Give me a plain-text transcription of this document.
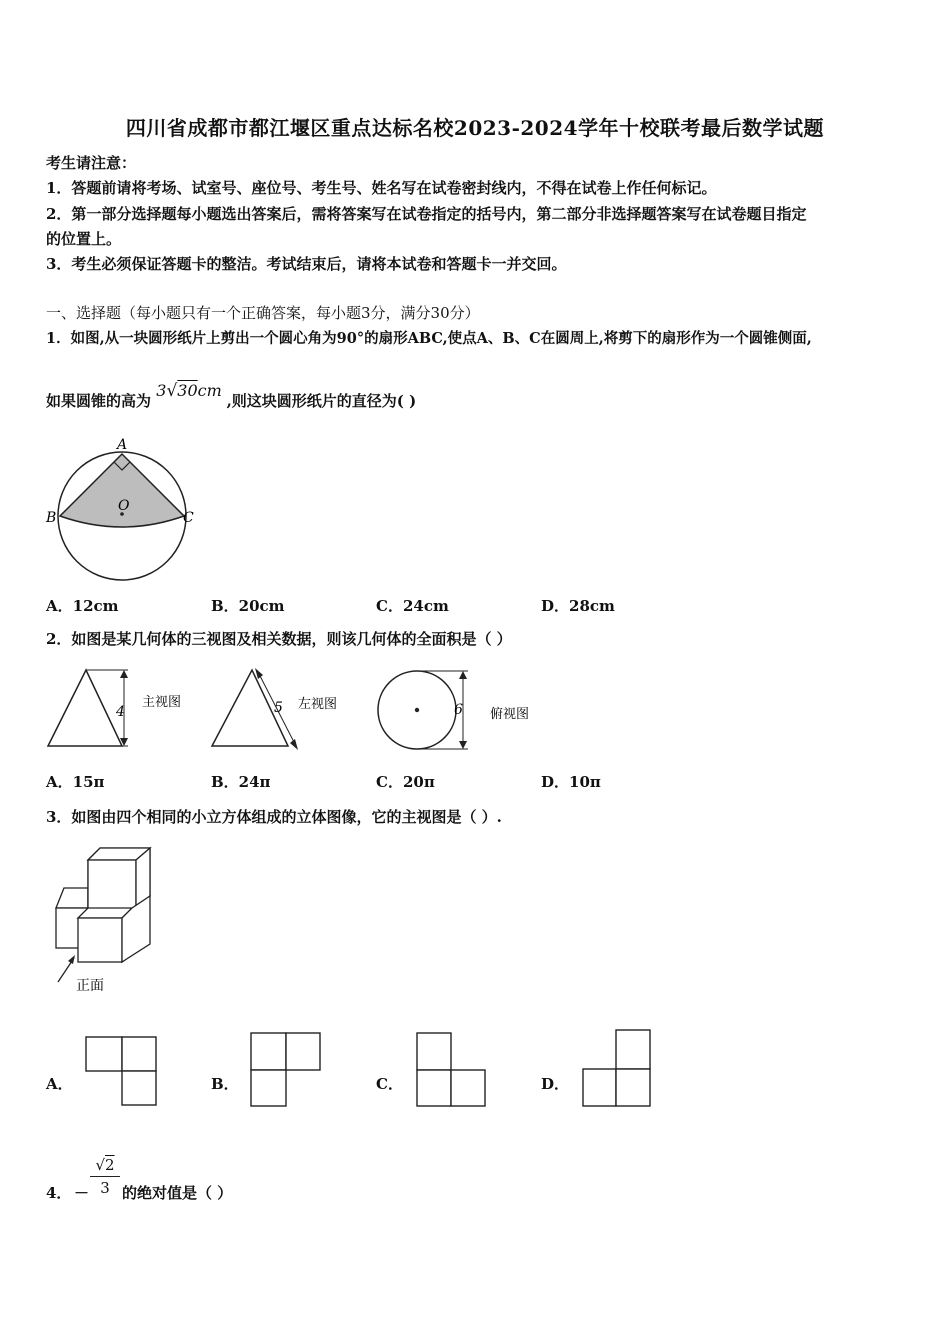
四川省成都市都江堰区重点达标名校2023-2024学年十校联考最后数学试题
考生请注意：
1．答题前请将考场、试室号、座位号、考生号、姓名写在试卷密封线内，不得在试卷上作任何标记。
2．第一部分选择题每小题选出答案后，需将答案写在试卷指定的括号内，第二部分非选择题答案写在试卷题目指定
的位置上。
3．考生必须保证答题卡的整洁。考试结束后，请将本试卷和答题卡一并交回。
一、选择题（每小题只有一个正确答案，每小题3分，满分30分）
1．如图,从一块圆形纸片上剪出一个圆心角为90°的扇形ABC,使点A、B、C在圆周上,将剪下的扇形作为一个圆锥侧面,
如果圆锥的高为 3√30cm ,则这块圆形纸片的直径为( )
A
B	C
O
A．12cm	B．20cm	C．24cm	D．28cm
2．如图是某几何体的三视图及相关数据，则该几何体的全面积是（ ）
4
主视图	5 左视图	6 俯视图
A．15π	B．24π	C．20π	D．10π
3．如图由四个相同的小立方体组成的立体图像，它的主视图是（ ）.
正面
A．	B．	C．	D．
4． － $\frac{√2}{3}$ 的绝对值是（ ）
